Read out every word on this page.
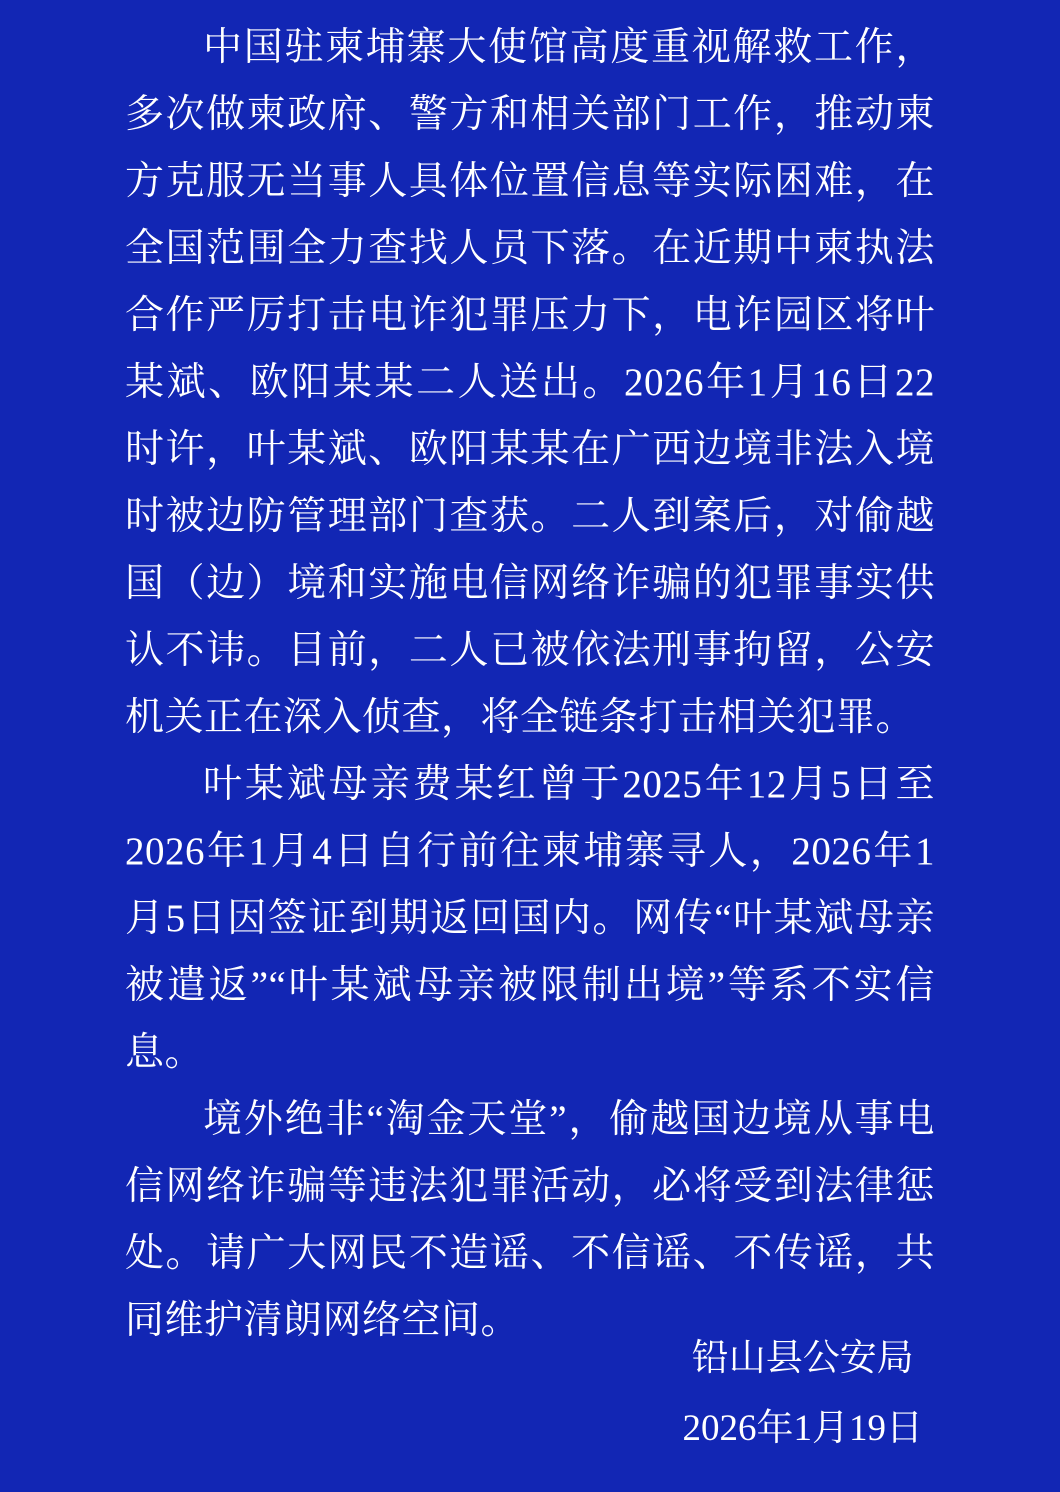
中国驻柬埔寨大使馆高度重视解救工作，多次做柬政府、警方和相关部门工作，推动柬方克服无当事人具体位置信息等实际困难，在全国范围全力查找人员下落。在近期中柬执法合作严厉打击电诈犯罪压力下，电诈园区将叶某斌、欧阳某某二人送出。2026年1月16日22时许，叶某斌、欧阳某某在广西边境非法入境时被边防管理部门查获。二人到案后，对偷越国（边）境和实施电信网络诈骗的犯罪事实供认不讳。目前，二人已被依法刑事拘留，公安机关正在深入侦查，将全链条打击相关犯罪。

叶某斌母亲费某红曾于2025年12月5日至2026年1月4日自行前往柬埔寨寻人，2026年1月5日因签证到期返回国内。网传“叶某斌母亲被遣返”“叶某斌母亲被限制出境”等系不实信息。

境外绝非“淘金天堂”，偷越国边境从事电信网络诈骗等违法犯罪活动，必将受到法律惩处。请广大网民不造谣、不信谣、不传谣，共同维护清朗网络空间。

铅山县公安局
2026年1月19日
